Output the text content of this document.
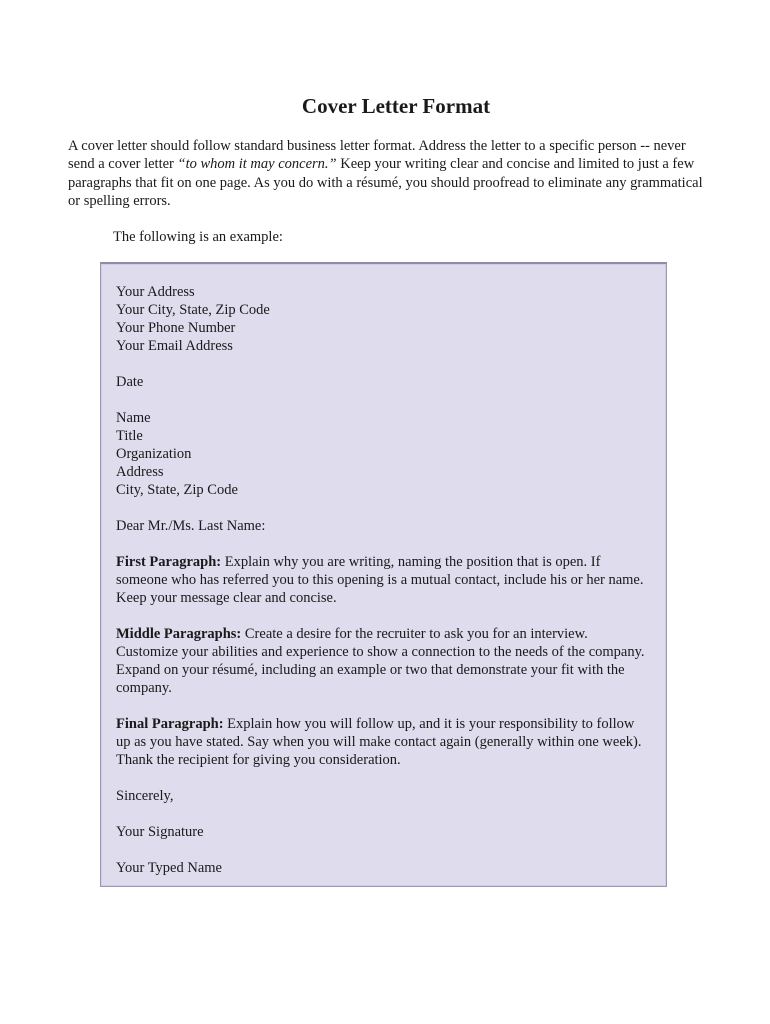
Cover Letter Format
A cover letter should follow standard business letter format. Address the letter to a specific person -- never send a cover letter “to whom it may concern.” Keep your writing clear and concise and limited to just a few paragraphs that fit on one page. As you do with a résumé, you should proofread to eliminate any grammatical or spelling errors.
The following is an example:
Your Address
Your City, State, Zip Code
Your Phone Number
Your Email Address
Date
Name
Title
Organization
Address
City, State, Zip Code
Dear Mr./Ms. Last Name:
First Paragraph: Explain why you are writing, naming the position that is open. If someone who has referred you to this opening is a mutual contact, include his or her name. Keep your message clear and concise.
Middle Paragraphs: Create a desire for the recruiter to ask you for an interview. Customize your abilities and experience to show a connection to the needs of the company. Expand on your résumé, including an example or two that demonstrate your fit with the company.
Final Paragraph: Explain how you will follow up, and it is your responsibility to follow up as you have stated. Say when you will make contact again (generally within one week). Thank the recipient for giving you consideration.
Sincerely,
Your Signature
Your Typed Name
